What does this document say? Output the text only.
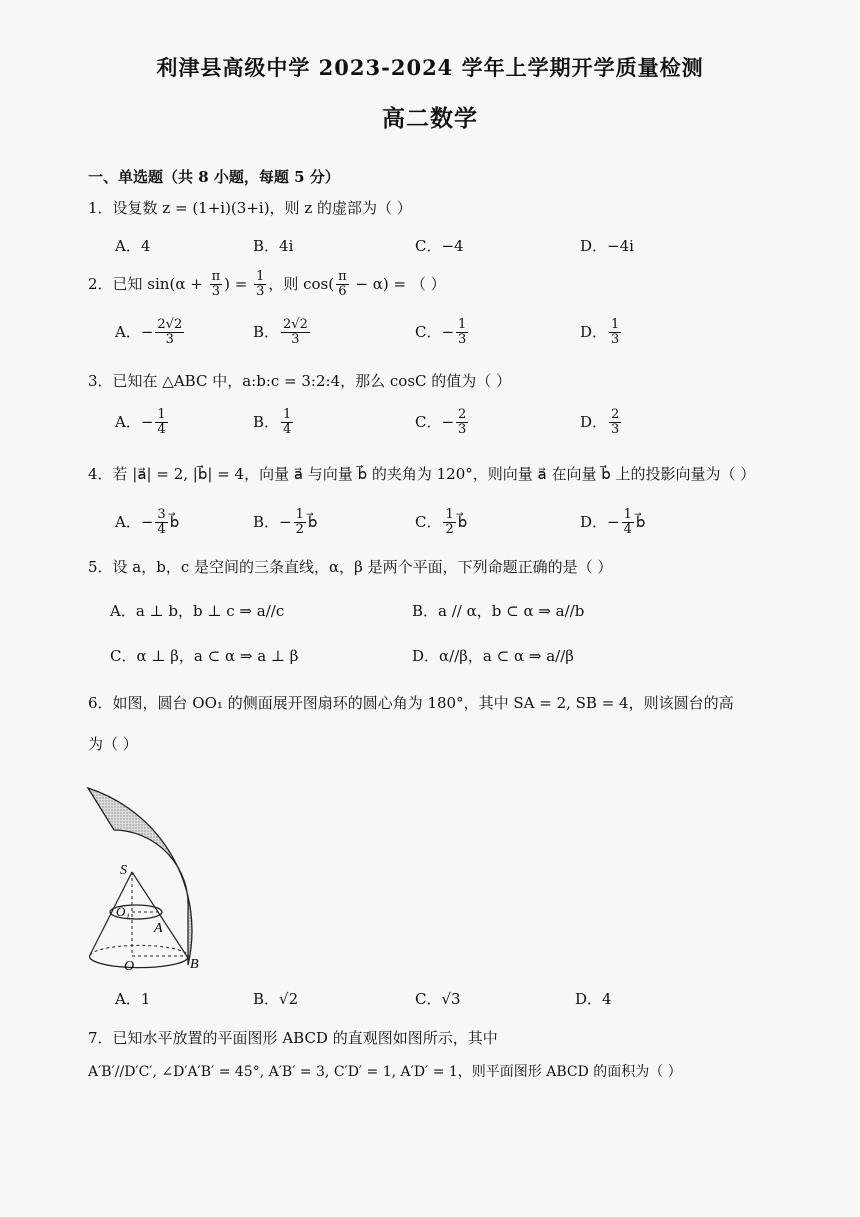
利津县高级中学 2023-2024 学年上学期开学质量检测
高二数学
一、单选题（共 8 小题，每题 5 分）
1．设复数 z = (1+i)(3+i)，则 z 的虚部为（ ）
A．4	B．4i	C．−4	D．−4i
2．已知 $\sin(\alpha + \frac{\pi}{3}$ ) = $\frac{1}{3}$ ，则 $\cos( \frac{\pi}{6} - \alpha)$ = （ ）
A．− $\frac{2√2}{3}$	B． $\frac{2√2}{3}$	C．− $\frac{1}{3}$	D． $\frac{1}{3}$
3．已知在 △ABC 中，a:b:c = 3:2:4，那么 cosC 的值为（ ）
A．− $\frac{1}{4}$	B． $\frac{1}{4}$	C．− $\frac{2}{3}$	D． $\frac{2}{3}$
4．若 |a⃗| = 2, |b⃗| = 4，向量 a⃗ 与向量 b⃗ 的夹角为 120°，则向量 a⃗ 在向量 b⃗ 上的投影向量为（ ）
A．− $\frac{3}{4}$ b⃗	B．− $\frac{1}{2}$ b⃗	C． $\frac{1}{2}$ b⃗	D．− $\frac{1}{4}$ b⃗
5．设 a，b，c 是空间的三条直线，α，β 是两个平面，下列命题正确的是（ ）
A．a ⊥ b，b ⊥ c ⇒ a//c	B．a // α，b ⊂ α ⇒ a//b
C．α ⊥ β，a ⊂ α ⇒ a ⊥ β	D．α//β，a ⊂ α ⇒ a//β
6．如图，圆台 OO₁ 的侧面展开图扇环的圆心角为 180°，其中 SA = 2, SB = 4，则该圆台的高
为（ ）
S
O₁
A
O	B
A．1	B．√2	C．√3	D．4
7．已知水平放置的平面图形 ABCD 的直观图如图所示，其中
A′B′//D′C′, ∠D′A′B′ = 45°, A′B′ = 3, C′D′ = 1, A′D′ = 1，则平面图形 ABCD 的面积为（ ）
